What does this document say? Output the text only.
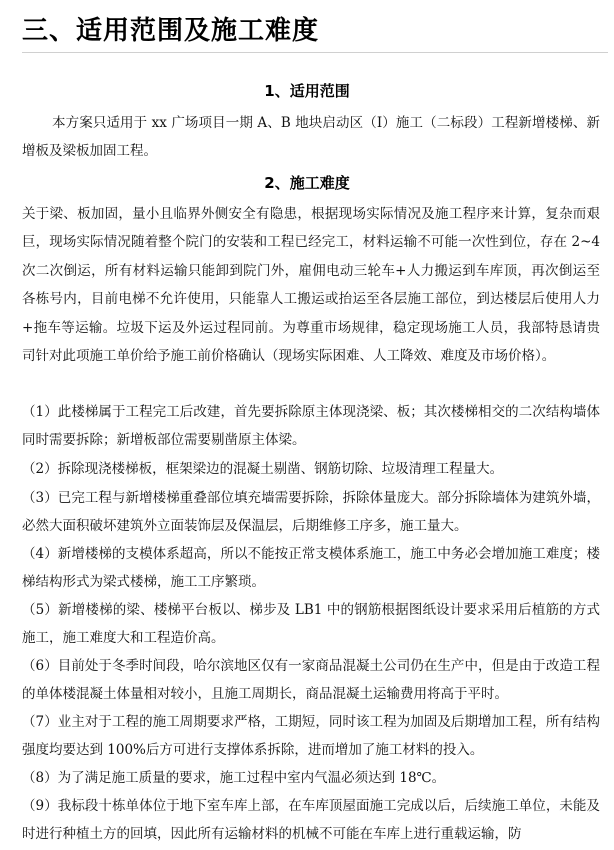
三、适用范围及施工难度
1、适用范围

本方案只适用于 xx 广场项目一期 A、B 地块启动区（Ⅰ）施工（二标段）工程新增楼梯、新增板及梁板加固工程。

2、施工难度

关于梁、板加固，量小且临界外侧安全有隐患，根据现场实际情况及施工程序来计算，复杂而艰巨，现场实际情况随着整个院门的安装和工程已经完工，材料运输不可能一次性到位，存在 2~4 次二次倒运，所有材料运输只能卸到院门外，雇佣电动三轮车+人力搬运到车库顶，再次倒运至各栋号内，目前电梯不允许使用，只能靠人工搬运或抬运至各层施工部位，到达楼层后使用人力+拖车等运输。垃圾下运及外运过程同前。为尊重市场规律，稳定现场施工人员，我部特恳请贵司针对此项施工单价给予施工前价格确认（现场实际困难、人工降效、难度及市场价格）。

（1）此楼梯属于工程完工后改建，首先要拆除原主体现浇梁、板；其次楼梯相交的二次结构墙体同时需要拆除；新增板部位需要剔凿原主体梁。

（2）拆除现浇楼梯板，框架梁边的混凝土剔凿、钢筋切除、垃圾清理工程量大。

（3）已完工程与新增楼梯重叠部位填充墙需要拆除，拆除体量庞大。部分拆除墙体为建筑外墙，必然大面积破坏建筑外立面装饰层及保温层，后期维修工序多，施工量大。

（4）新增楼梯的支模体系超高，所以不能按正常支模体系施工，施工中务必会增加施工难度；楼梯结构形式为梁式楼梯，施工工序繁琐。

（5）新增楼梯的梁、楼梯平台板以、梯步及 LB1 中的钢筋根据图纸设计要求采用后植筋的方式施工，施工难度大和工程造价高。

（6）目前处于冬季时间段，哈尔滨地区仅有一家商品混凝土公司仍在生产中，但是由于改造工程的单体楼混凝土体量相对较小，且施工周期长，商品混凝土运输费用将高于平时。

（7）业主对于工程的施工周期要求严格，工期短，同时该工程为加固及后期增加工程，所有结构强度均要达到 100%后方可进行支撑体系拆除，进而增加了施工材料的投入。

（8）为了满足施工质量的要求，施工过程中室内气温必须达到 18℃。

（9）我标段十栋单体位于地下室车库上部，在车库顶屋面施工完成以后，后续施工单位，未能及时进行种植土方的回填，因此所有运输材料的机械不可能在车库上进行重载运输，防
